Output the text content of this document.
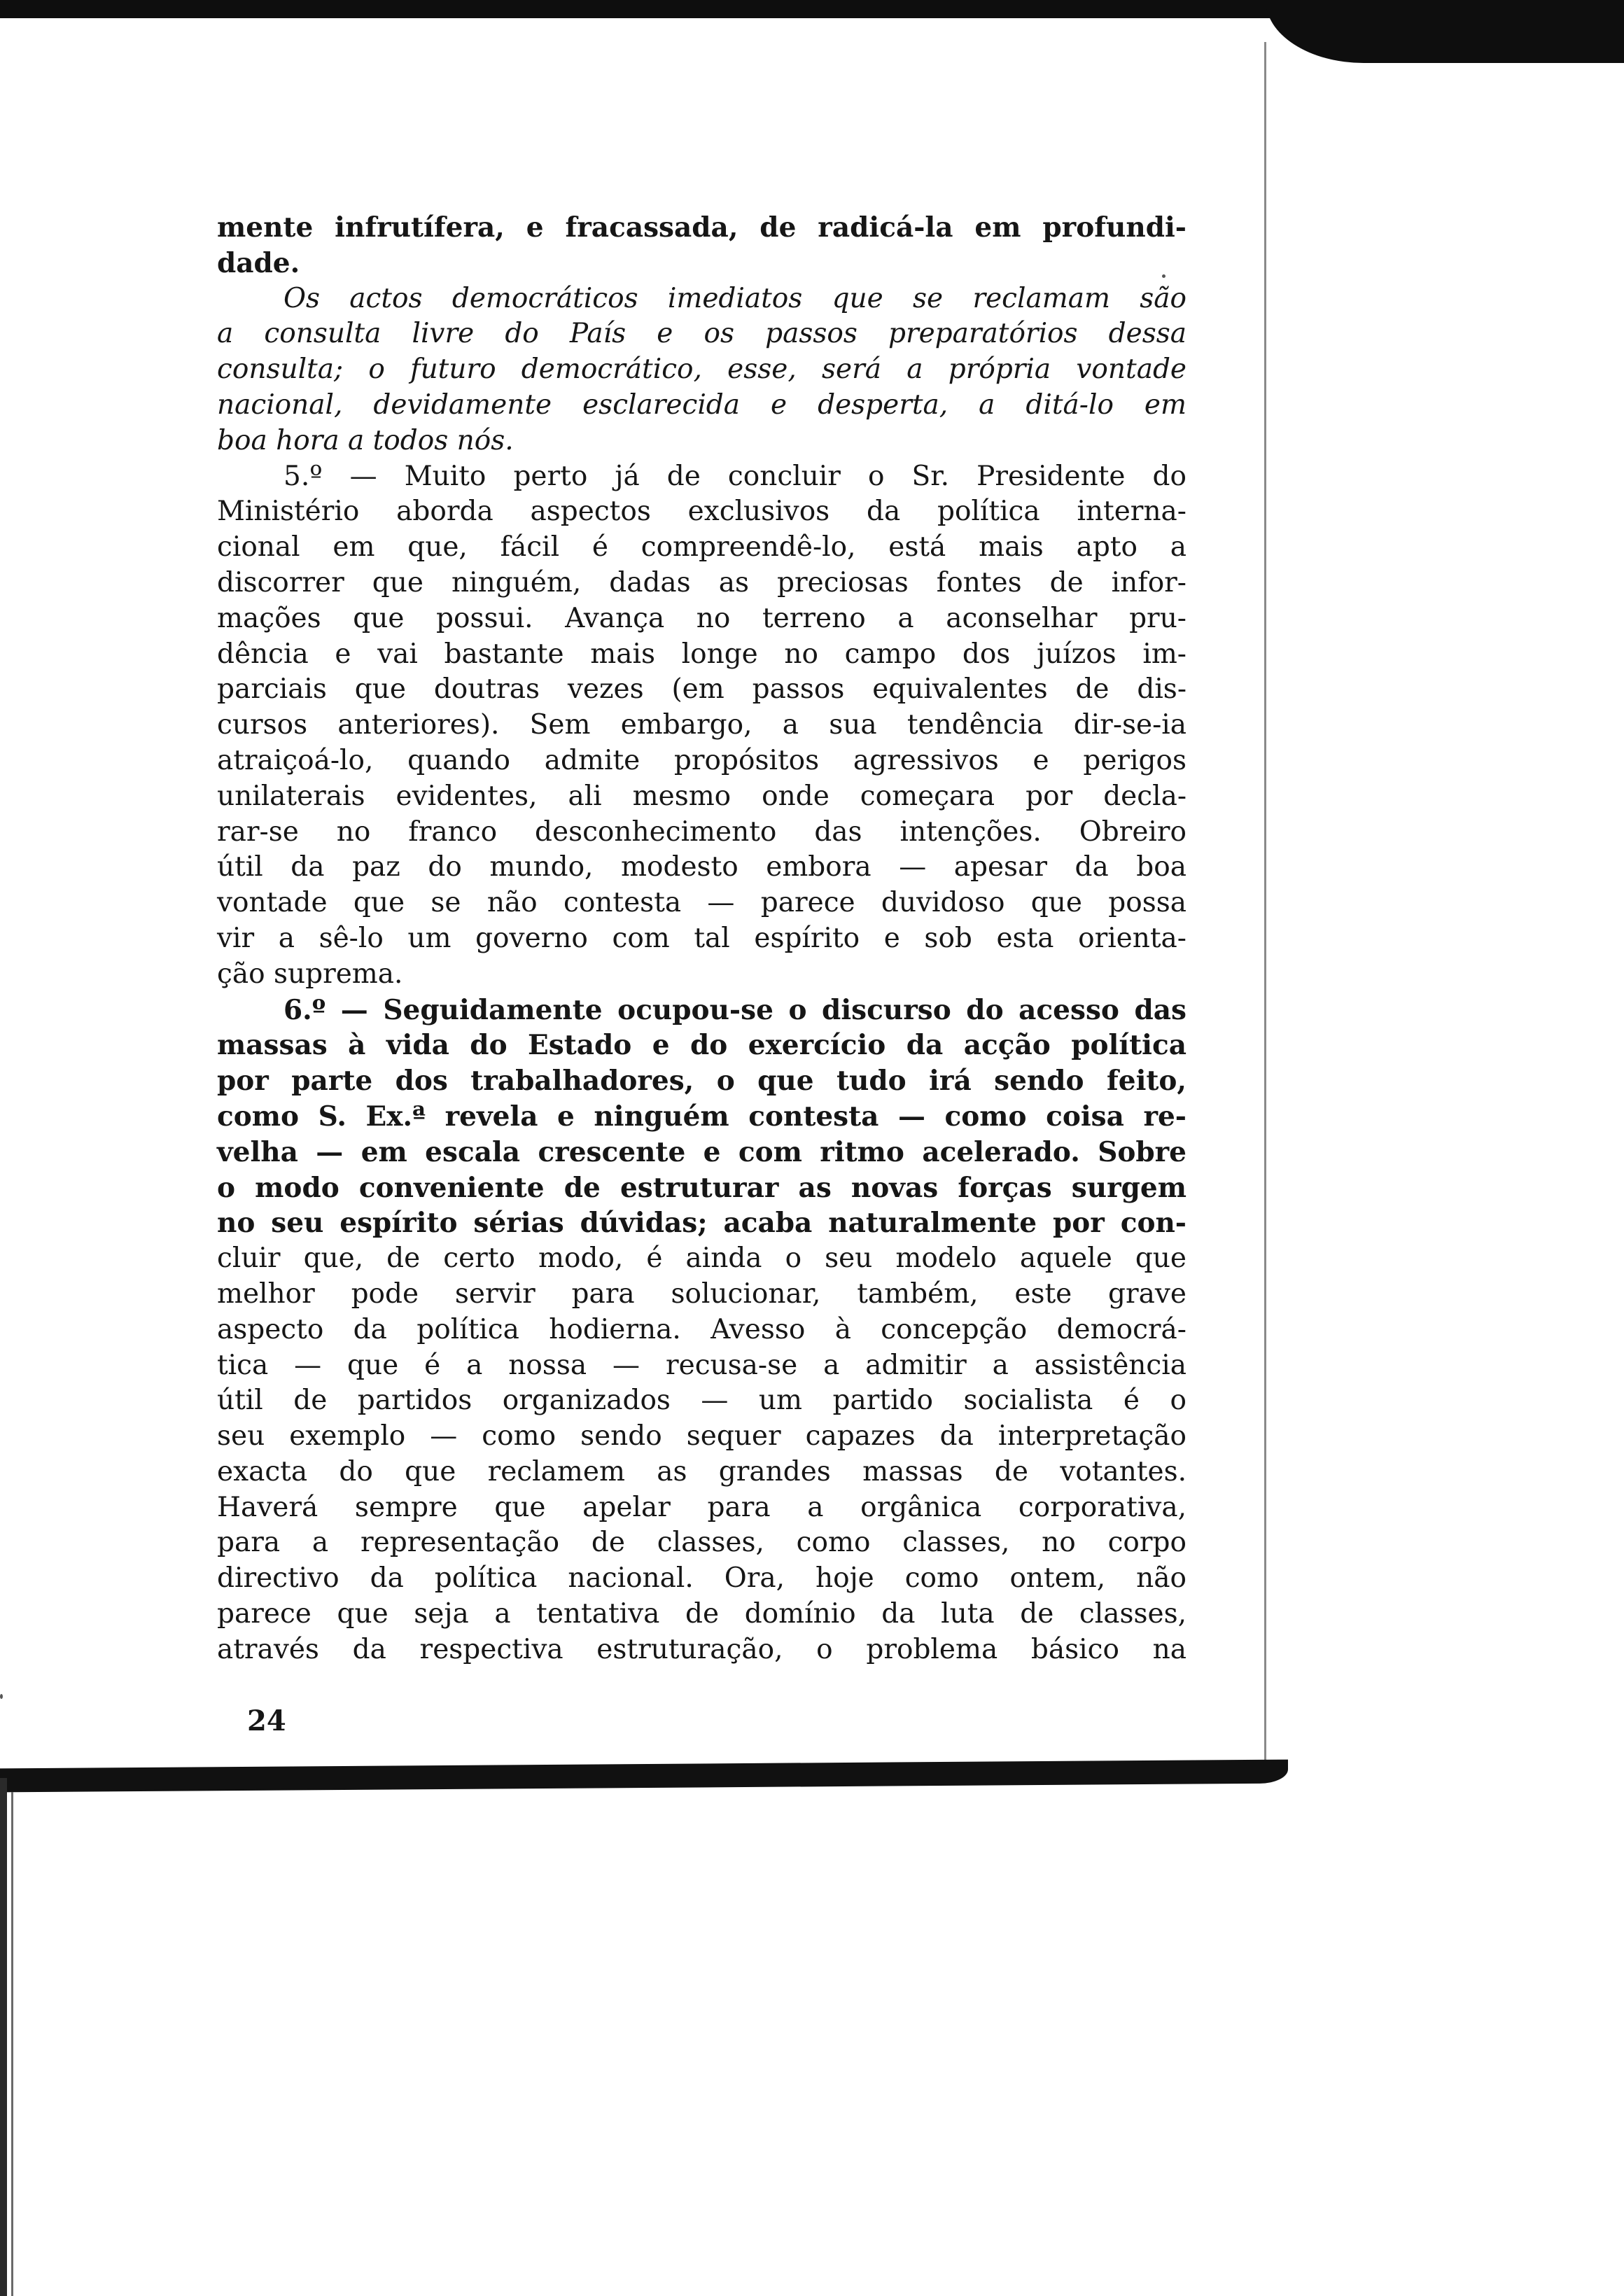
mente infrutífera, e fracassada, de radicá-la em profundi-
dade.
Os actos democráticos imediatos que se reclamam são
a consulta livre do País e os passos preparatórios dessa
consulta; o futuro democrático, esse, será a própria vontade
nacional, devidamente esclarecida e desperta, a ditá-lo em
boa hora a todos nós.
5.º — Muito perto já de concluir o Sr. Presidente do
Ministério aborda aspectos exclusivos da política interna-
cional em que, fácil é compreendê-lo, está mais apto a
discorrer que ninguém, dadas as preciosas fontes de infor-
mações que possui. Avança no terreno a aconselhar pru-
dência e vai bastante mais longe no campo dos juízos im-
parciais que doutras vezes (em passos equivalentes de dis-
cursos anteriores). Sem embargo, a sua tendência dir-se-ia
atraiçoá-lo, quando admite propósitos agressivos e perigos
unilaterais evidentes, ali mesmo onde começara por decla-
rar-se no franco desconhecimento das intenções. Obreiro
útil da paz do mundo, modesto embora — apesar da boa
vontade que se não contesta — parece duvidoso que possa
vir a sê-lo um governo com tal espírito e sob esta orienta-
ção suprema.
6.º — Seguidamente ocupou-se o discurso do acesso das
massas à vida do Estado e do exercício da acção política
por parte dos trabalhadores, o que tudo irá sendo feito,
como S. Ex.ª revela e ninguém contesta — como coisa re-
velha — em escala crescente e com ritmo acelerado. Sobre
o modo conveniente de estruturar as novas forças surgem
no seu espírito sérias dúvidas; acaba naturalmente por con-
cluir que, de certo modo, é ainda o seu modelo aquele que
melhor pode servir para solucionar, também, este grave
aspecto da política hodierna. Avesso à concepção democrá-
tica — que é a nossa — recusa-se a admitir a assistência
útil de partidos organizados — um partido socialista é o
seu exemplo — como sendo sequer capazes da interpretação
exacta do que reclamem as grandes massas de votantes.
Haverá sempre que apelar para a orgânica corporativa,
para a representação de classes, como classes, no corpo
directivo da política nacional. Ora, hoje como ontem, não
parece que seja a tentativa de domínio da luta de classes,
através da respectiva estruturação, o problema básico na
24
